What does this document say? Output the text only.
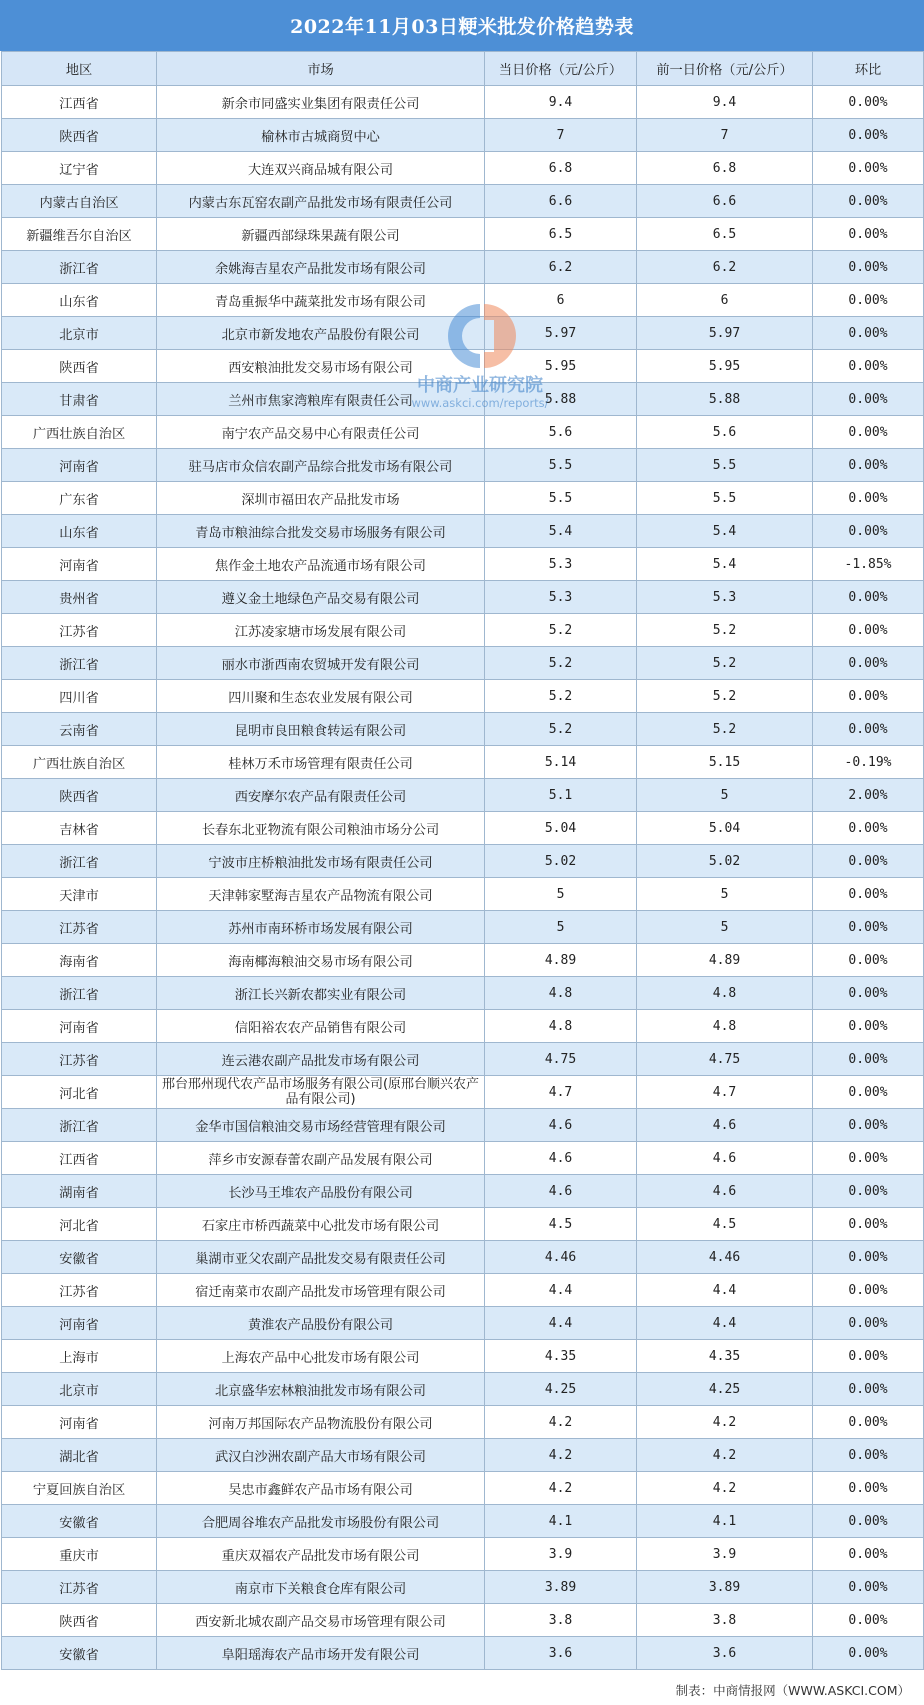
2022年11月03日粳米批发价格趋势表
地区	市场	当日价格（元/公斤）	前一日价格（元/公斤）	环比
江西省	新余市同盛实业集团有限责任公司	9.4	9.4	0.00%
陕西省	榆林市古城商贸中心	7	7	0.00%
辽宁省	大连双兴商品城有限公司	6.8	6.8	0.00%
内蒙古自治区	内蒙古东瓦窑农副产品批发市场有限责任公司	6.6	6.6	0.00%
新疆维吾尔自治区	新疆西部绿珠果蔬有限公司	6.5	6.5	0.00%
浙江省	余姚海吉星农产品批发市场有限公司	6.2	6.2	0.00%
山东省	青岛重振华中蔬菜批发市场有限公司	6	6	0.00%
北京市	北京市新发地农产品股份有限公司	5.97	5.97	0.00%
陕西省	西安粮油批发交易市场有限公司	5.95	5.95	0.00%
甘肃省	兰州市焦家湾粮库有限责任公司	5.88	5.88	0.00%
广西壮族自治区	南宁农产品交易中心有限责任公司	5.6	5.6	0.00%
河南省	驻马店市众信农副产品综合批发市场有限公司	5.5	5.5	0.00%
广东省	深圳市福田农产品批发市场	5.5	5.5	0.00%
山东省	青岛市粮油综合批发交易市场服务有限公司	5.4	5.4	0.00%
河南省	焦作金土地农产品流通市场有限公司	5.3	5.4	-1.85%
贵州省	遵义金土地绿色产品交易有限公司	5.3	5.3	0.00%
江苏省	江苏凌家塘市场发展有限公司	5.2	5.2	0.00%
浙江省	丽水市浙西南农贸城开发有限公司	5.2	5.2	0.00%
四川省	四川聚和生态农业发展有限公司	5.2	5.2	0.00%
云南省	昆明市良田粮食转运有限公司	5.2	5.2	0.00%
广西壮族自治区	桂林万禾市场管理有限责任公司	5.14	5.15	-0.19%
陕西省	西安摩尔农产品有限责任公司	5.1	5	2.00%
吉林省	长春东北亚物流有限公司粮油市场分公司	5.04	5.04	0.00%
浙江省	宁波市庄桥粮油批发市场有限责任公司	5.02	5.02	0.00%
天津市	天津韩家墅海吉星农产品物流有限公司	5	5	0.00%
江苏省	苏州市南环桥市场发展有限公司	5	5	0.00%
海南省	海南椰海粮油交易市场有限公司	4.89	4.89	0.00%
浙江省	浙江长兴新农都实业有限公司	4.8	4.8	0.00%
河南省	信阳裕农农产品销售有限公司	4.8	4.8	0.00%
江苏省	连云港农副产品批发市场有限公司	4.75	4.75	0.00%
河北省	邢台邢州现代农产品市场服务有限公司(原邢台顺兴农产品有限公司)	4.7	4.7	0.00%
浙江省	金华市国信粮油交易市场经营管理有限公司	4.6	4.6	0.00%
江西省	萍乡市安源春蕾农副产品发展有限公司	4.6	4.6	0.00%
湖南省	长沙马王堆农产品股份有限公司	4.6	4.6	0.00%
河北省	石家庄市桥西蔬菜中心批发市场有限公司	4.5	4.5	0.00%
安徽省	巢湖市亚父农副产品批发交易有限责任公司	4.46	4.46	0.00%
江苏省	宿迁南菜市农副产品批发市场管理有限公司	4.4	4.4	0.00%
河南省	黄淮农产品股份有限公司	4.4	4.4	0.00%
上海市	上海农产品中心批发市场有限公司	4.35	4.35	0.00%
北京市	北京盛华宏林粮油批发市场有限公司	4.25	4.25	0.00%
河南省	河南万邦国际农产品物流股份有限公司	4.2	4.2	0.00%
湖北省	武汉白沙洲农副产品大市场有限公司	4.2	4.2	0.00%
宁夏回族自治区	吴忠市鑫鲜农产品市场有限公司	4.2	4.2	0.00%
安徽省	合肥周谷堆农产品批发市场股份有限公司	4.1	4.1	0.00%
重庆市	重庆双福农产品批发市场有限公司	3.9	3.9	0.00%
江苏省	南京市下关粮食仓库有限公司	3.89	3.89	0.00%
陕西省	西安新北城农副产品交易市场管理有限公司	3.8	3.8	0.00%
安徽省	阜阳瑶海农产品市场开发有限公司	3.6	3.6	0.00%
中商产业研究院
www.askci.com/reports/
制表：中商情报网（WWW.ASKCI.COM）
